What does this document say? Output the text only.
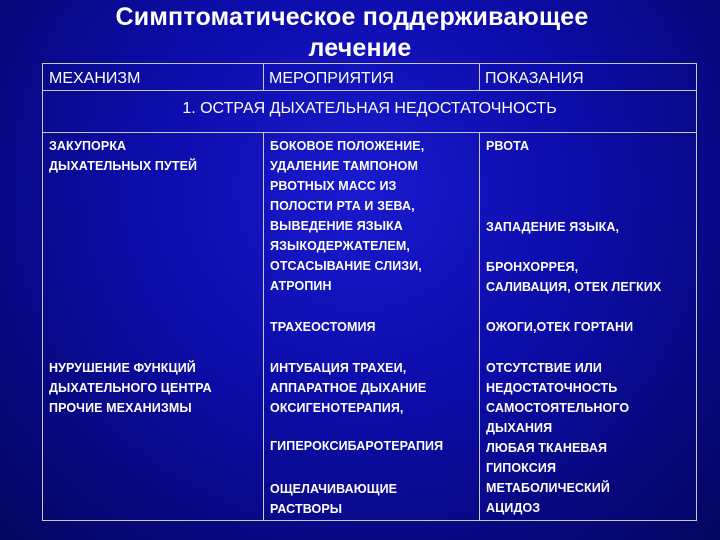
Симптоматическое поддерживающее
лечение
МЕХАНИЗМ	МЕРОПРИЯТИЯ	ПОКАЗАНИЯ
1. ОСТРАЯ ДЫХАТЕЛЬНАЯ НЕДОСТАТОЧНОСТЬ
ЗАКУПОРКА
ДЫХАТЕЛЬНЫХ ПУТЕЙ
НУРУШЕНИЕ ФУНКЦИЙ
ДЫХАТЕЛЬНОГО ЦЕНТРА
ПРОЧИЕ МЕХАНИЗМЫ
БОКОВОЕ ПОЛОЖЕНИЕ,
УДАЛЕНИЕ ТАМПОНОМ
РВОТНЫХ МАСС ИЗ
ПОЛОСТИ РТА И ЗЕВА,
ВЫВЕДЕНИЕ ЯЗЫКА
ЯЗЫКОДЕРЖАТЕЛЕМ,
ОТСАСЫВАНИЕ СЛИЗИ,
АТРОПИН
ТРАХЕОСТОМИЯ
ИНТУБАЦИЯ ТРАХЕИ,
АППАРАТНОЕ ДЫХАНИЕ
ОКСИГЕНОТЕРАПИЯ,
ГИПЕРОКСИБАРОТЕРАПИЯ
ОЩЕЛАЧИВАЮЩИЕ
РАСТВОРЫ
РВОТА
ЗАПАДЕНИЕ ЯЗЫКА,
БРОНХОРРЕЯ,
САЛИВАЦИЯ, ОТЕК ЛЕГКИХ
ОЖОГИ,ОТЕК ГОРТАНИ
ОТСУТСТВИЕ ИЛИ
НЕДОСТАТОЧНОСТЬ
САМОСТОЯТЕЛЬНОГО
ДЫХАНИЯ
ЛЮБАЯ ТКАНЕВАЯ
ГИПОКСИЯ
МЕТАБОЛИЧЕСКИЙ
АЦИДОЗ
